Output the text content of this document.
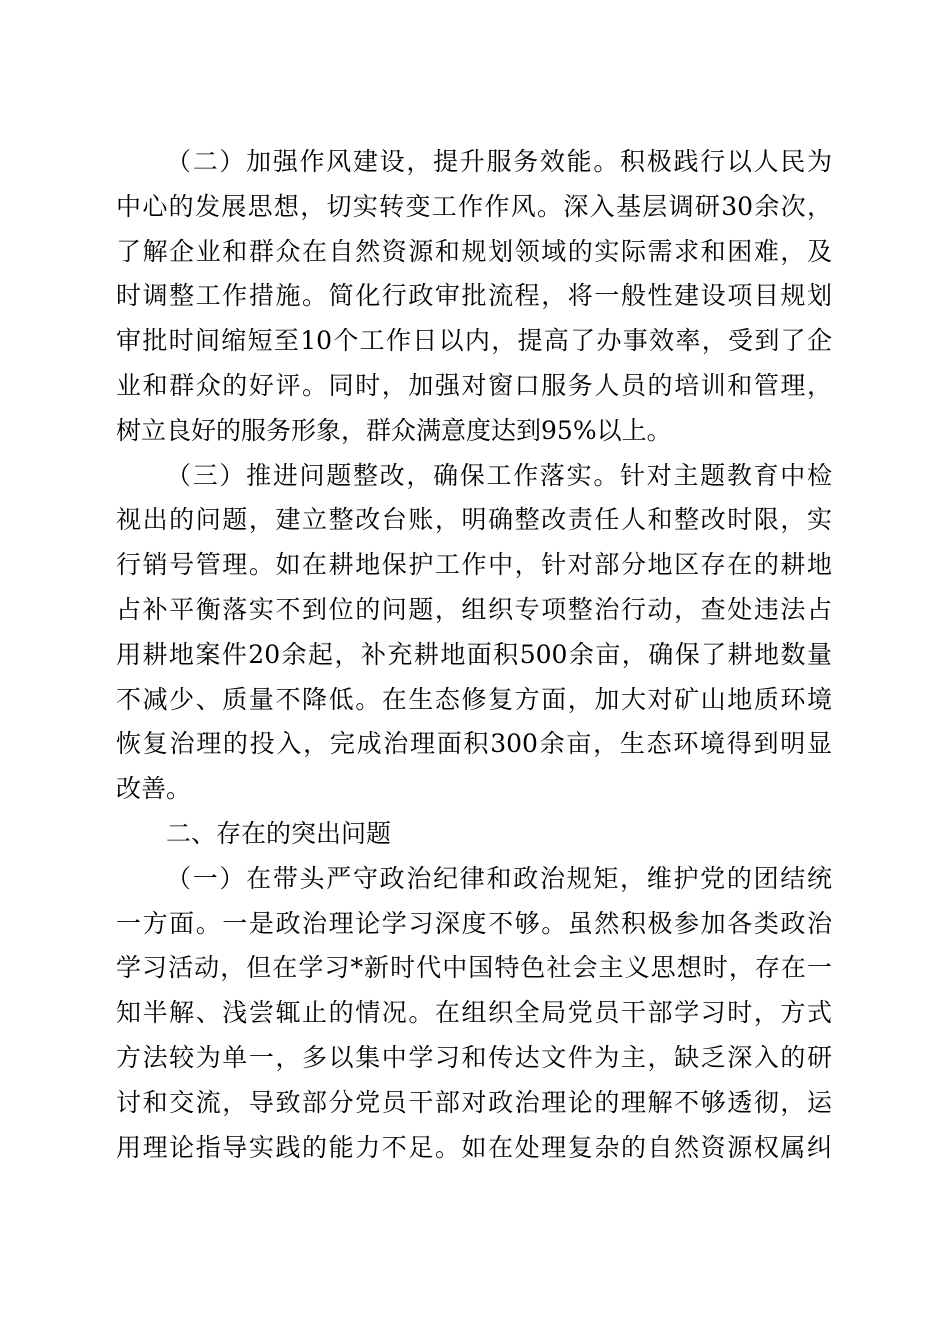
（二）加强作风建设，提升服务效能。积极践行以人民为
中心的发展思想，切实转变工作作风。深入基层调研30余次，
了解企业和群众在自然资源和规划领域的实际需求和困难，及
时调整工作措施。简化行政审批流程，将一般性建设项目规划
审批时间缩短至10个工作日以内，提高了办事效率，受到了企
业和群众的好评。同时，加强对窗口服务人员的培训和管理，
树立良好的服务形象，群众满意度达到95%以上。
（三）推进问题整改，确保工作落实。针对主题教育中检
视出的问题，建立整改台账，明确整改责任人和整改时限，实
行销号管理。如在耕地保护工作中，针对部分地区存在的耕地
占补平衡落实不到位的问题，组织专项整治行动，查处违法占
用耕地案件20余起，补充耕地面积500余亩，确保了耕地数量
不减少、质量不降低。在生态修复方面，加大对矿山地质环境
恢复治理的投入，完成治理面积300余亩，生态环境得到明显
改善。
二、存在的突出问题
（一）在带头严守政治纪律和政治规矩，维护党的团结统
一方面。一是政治理论学习深度不够。虽然积极参加各类政治
学习活动，但在学习*新时代中国特色社会主义思想时，存在一
知半解、浅尝辄止的情况。在组织全局党员干部学习时，方式
方法较为单一，多以集中学习和传达文件为主，缺乏深入的研
讨和交流，导致部分党员干部对政治理论的理解不够透彻，运
用理论指导实践的能力不足。如在处理复杂的自然资源权属纠
